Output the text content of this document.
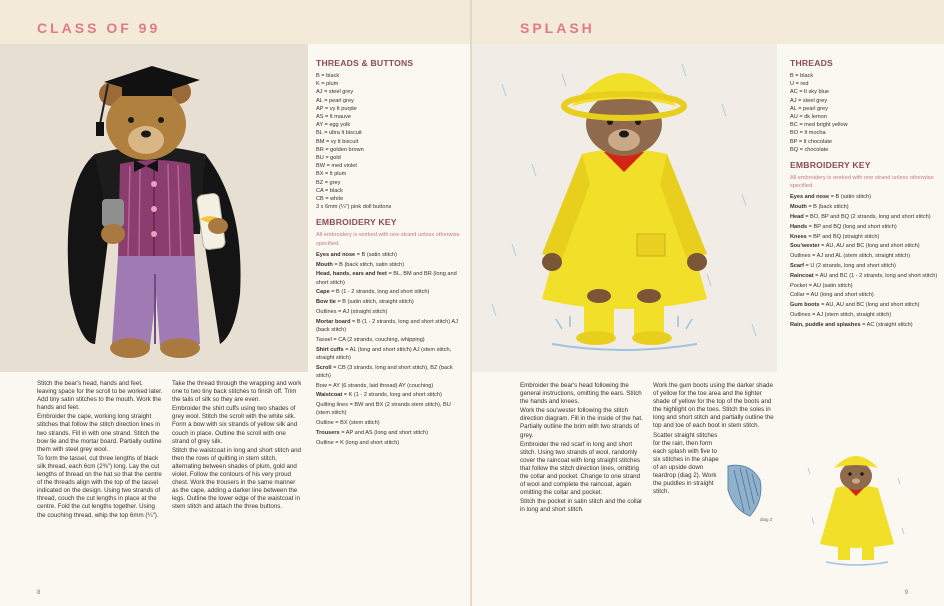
CLASS OF 99
THREADS & BUTTONS
B = black
K = plum
AJ = steel grey
AL = pearl grey
AP = vy lt purple
AS = lt mauve
AY = egg yolk
BL = ultra lt biscuit
BM = vy lt biscuit
BR = golden brown
BU = gold
BW = med violet
BX = lt plum
BZ = grey
CA = black
CB = white
3 x 6mm (¼") pink doll buttons
EMBROIDERY KEY
All embroidery is worked with one strand unless otherwise specified.
Eyes and nose = B (satin stitch)
Mouth = B (back stitch, satin stitch)
Head, hands, ears and feet = BL, BM and BR (long and short stitch)
Cape = B (1 - 2 strands, long and short stitch)
Bow tie = B (satin stitch, straight stitch)
Outlines = AJ (straight stitch)
Mortar board = B (1 - 2 strands, long and short stitch) AJ (back stitch)
Tassel = CA (2 strands, couching, whipping)
Shirt cuffs = AL (long and short stitch) AJ (stem stitch, straight stitch)
Scroll = CB (3 strands, long and short stitch), BZ (back stitch)
Bow = AY (6 strands, laid thread) AY (couching)
Waistcoat = K (1 - 2 strands, long and short stitch)
Quilting lines = BW and BX (2 strands stem stitch), BU (stem stitch)
Outline = BX (stem stitch)
Trousers = AP and AS (long and short stitch)
Outline = K (long and short stitch)

Stitch the bear's head, hands and feet, leaving space for the scroll to be worked later. Add tiny satin stitches to the mouth. Work the hands and feet.

Embroider the cape, working long straight stitches that follow the stitch direction lines in two strands. Fill in with one strand. Stitch the bow tie and the mortar board. Partially outline them with steel grey wool.

To form the tassel, cut three lengths of black silk thread, each 6cm (2⅜") long. Lay the cut lengths of thread on the hat so that the centre of the threads align with the top of the tassel indicated on the design. Using two strands of thread, couch the cut lengths in place at the centre. Fold the cut lengths together. Using the couching thread, whip the top 6mm (¼").

Take the thread through the wrapping and work one to two tiny back stitches to finish off. Trim the tails of silk so they are even.

Embroider the shirt cuffs using two shades of grey wool. Stitch the scroll with the white silk. Form a bow with six strands of yellow silk and couch in place. Outline the scroll with one strand of grey silk.

Stitch the waistcoat in long and short stitch and then the rows of quilting in stem stitch, alternating between shades of plum, gold and violet. Follow the contours of his very proud chest. Work the trousers in the same manner as the cape, adding a darker line between the legs. Outline the lower edge of the waistcoat in stem stitch and attach the three buttons.

8
SPLASH
THREADS
B = black
U = red
AC = lt sky blue
AJ = steel grey
AL = pearl grey
AU = dk lemon
BC = med bright yellow
BO = lt mocha
BP = lt chocolate
BQ = chocolate
EMBROIDERY KEY
All embroidery is worked with one strand unless otherwise specified.
Eyes and nose = B (satin stitch)
Mouth = B (back stitch)
Head = BO, BP and BQ (2 strands, long and short stitch)
Hands = BP and BQ (long and short stitch)
Knees = BP and BQ (straight stitch)
Sou'wester = AU, AU and BC (long and short stitch)
Outlines = AJ and AL (stem stitch, straight stitch)
Scarf = U (2 strands, long and short stitch)
Raincoat = AU and BC (1 - 2 strands, long and short stitch)
Pocket = AU (satin stitch)
Collar = AU (long and short stitch)
Gum boots = AU, AU and BC (long and short stitch)
Outlines = AJ (stem stitch, straight stitch)
Rain, puddle and splashes = AC (straight stitch)

Embroider the bear's head following the general instructions, omitting the ears. Stitch the hands and knees.

Work the sou'wester following the stitch direction diagram. Fill in the inside of the hat. Partially outline the brim with two strands of grey.

Embroider the red scarf in long and short stitch. Using two strands of wool, randomly cover the raincoat with long straight stitches that follow the stitch direction lines, omitting the collar and pocket. Change to one strand of wool and complete the raincoat, again omitting the collar and pocket.

Stitch the pocket in satin stitch and the collar in long and short stitch.

Work the gum boots using the darker shade of yellow for the toe area and the lighter shade of yellow for the top of the boots and the highlight on the toes. Stitch the soles in long and short stitch and partially outline the top and toe of each boot in stem stitch.

Scatter straight stitches for the rain, then form each splash with five to six stitches in the shape of an upside down teardrop (diag 2). Work the puddles in straight stitch.

diag 2
9
